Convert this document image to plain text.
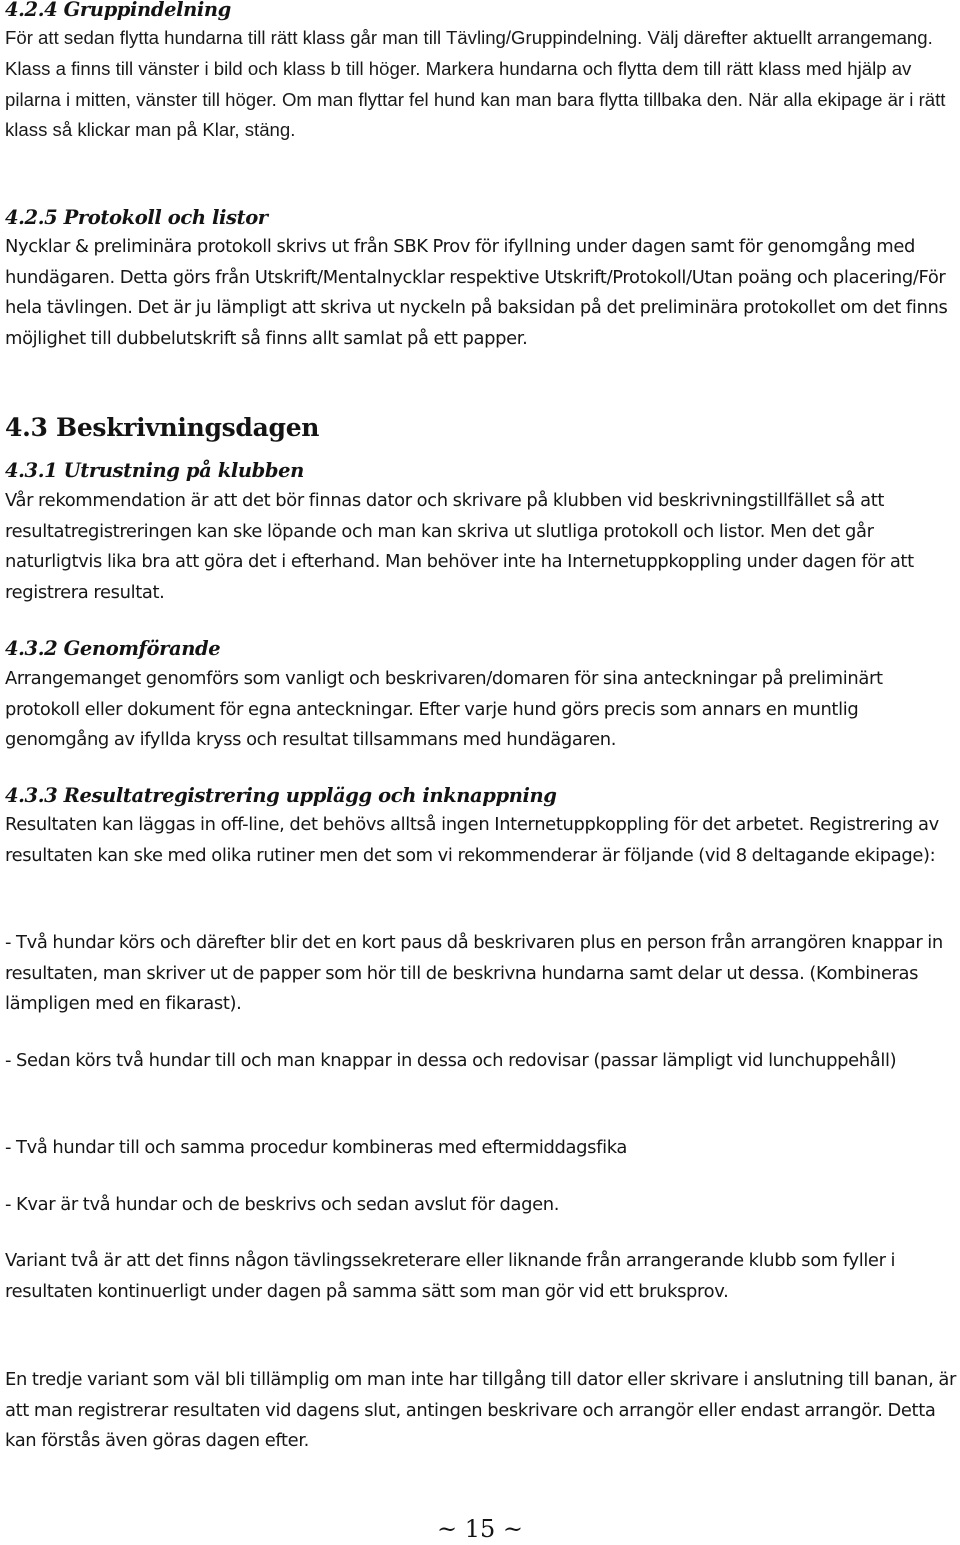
4.2.4 Gruppindelning

För att sedan flytta hundarna till rätt klass går man till Tävling/Gruppindelning. Välj därefter aktuellt arrangemang. Klass a finns till vänster i bild och klass b till höger. Markera hundarna och flytta dem till rätt klass med hjälp av pilarna i mitten, vänster till höger. Om man flyttar fel hund kan man bara flytta tillbaka den. När alla ekipage är i rätt klass så klickar man på Klar, stäng.

4.2.5 Protokoll och listor

Nycklar & preliminära protokoll skrivs ut från SBK Prov för ifyllning under dagen samt för genomgång med hundägaren. Detta görs från Utskrift/Mentalnycklar respektive Utskrift/Protokoll/Utan poäng och placering/För hela tävlingen. Det är ju lämpligt att skriva ut nyckeln på baksidan på det preliminära protokollet om det finns möjlighet till dubbelutskrift så finns allt samlat på ett papper.

4.3 Beskrivningsdagen
4.3.1 Utrustning på klubben

Vår rekommendation är att det bör finnas dator och skrivare på klubben vid beskrivningstillfället så att resultatregistreringen kan ske löpande och man kan skriva ut slutliga protokoll och listor. Men det går naturligtvis lika bra att göra det i efterhand. Man behöver inte ha Internetuppkoppling under dagen för att registrera resultat.

4.3.2 Genomförande

Arrangemanget genomförs som vanligt och beskrivaren/domaren för sina anteckningar på preliminärt protokoll eller dokument för egna anteckningar. Efter varje hund görs precis som annars en muntlig genomgång av ifyllda kryss och resultat tillsammans med hundägaren.

4.3.3 Resultatregistrering upplägg och inknappning

Resultaten kan läggas in off-line, det behövs alltså ingen Internetuppkoppling för det arbetet. Registrering av resultaten kan ske med olika rutiner men det som vi rekommenderar är följande (vid 8 deltagande ekipage):

- Två hundar körs och därefter blir det en kort paus då beskrivaren plus en person från arrangören knappar in resultaten, man skriver ut de papper som hör till de beskrivna hundarna samt delar ut dessa. (Kombineras lämpligen med en fikarast).

- Sedan körs två hundar till och man knappar in dessa och redovisar (passar lämpligt vid lunchuppehåll)

- Två hundar till och samma procedur kombineras med eftermiddagsfika

- Kvar är två hundar och de beskrivs och sedan avslut för dagen.

Variant två är att det finns någon tävlingssekreterare eller liknande från arrangerande klubb som fyller i resultaten kontinuerligt under dagen på samma sätt som man gör vid ett bruksprov.

En tredje variant som väl bli tillämplig om man inte har tillgång till dator eller skrivare i anslutning till banan, är att man registrerar resultaten vid dagens slut, antingen beskrivare och arrangör eller endast arrangör. Detta kan förstås även göras dagen efter.

~ 15 ~
